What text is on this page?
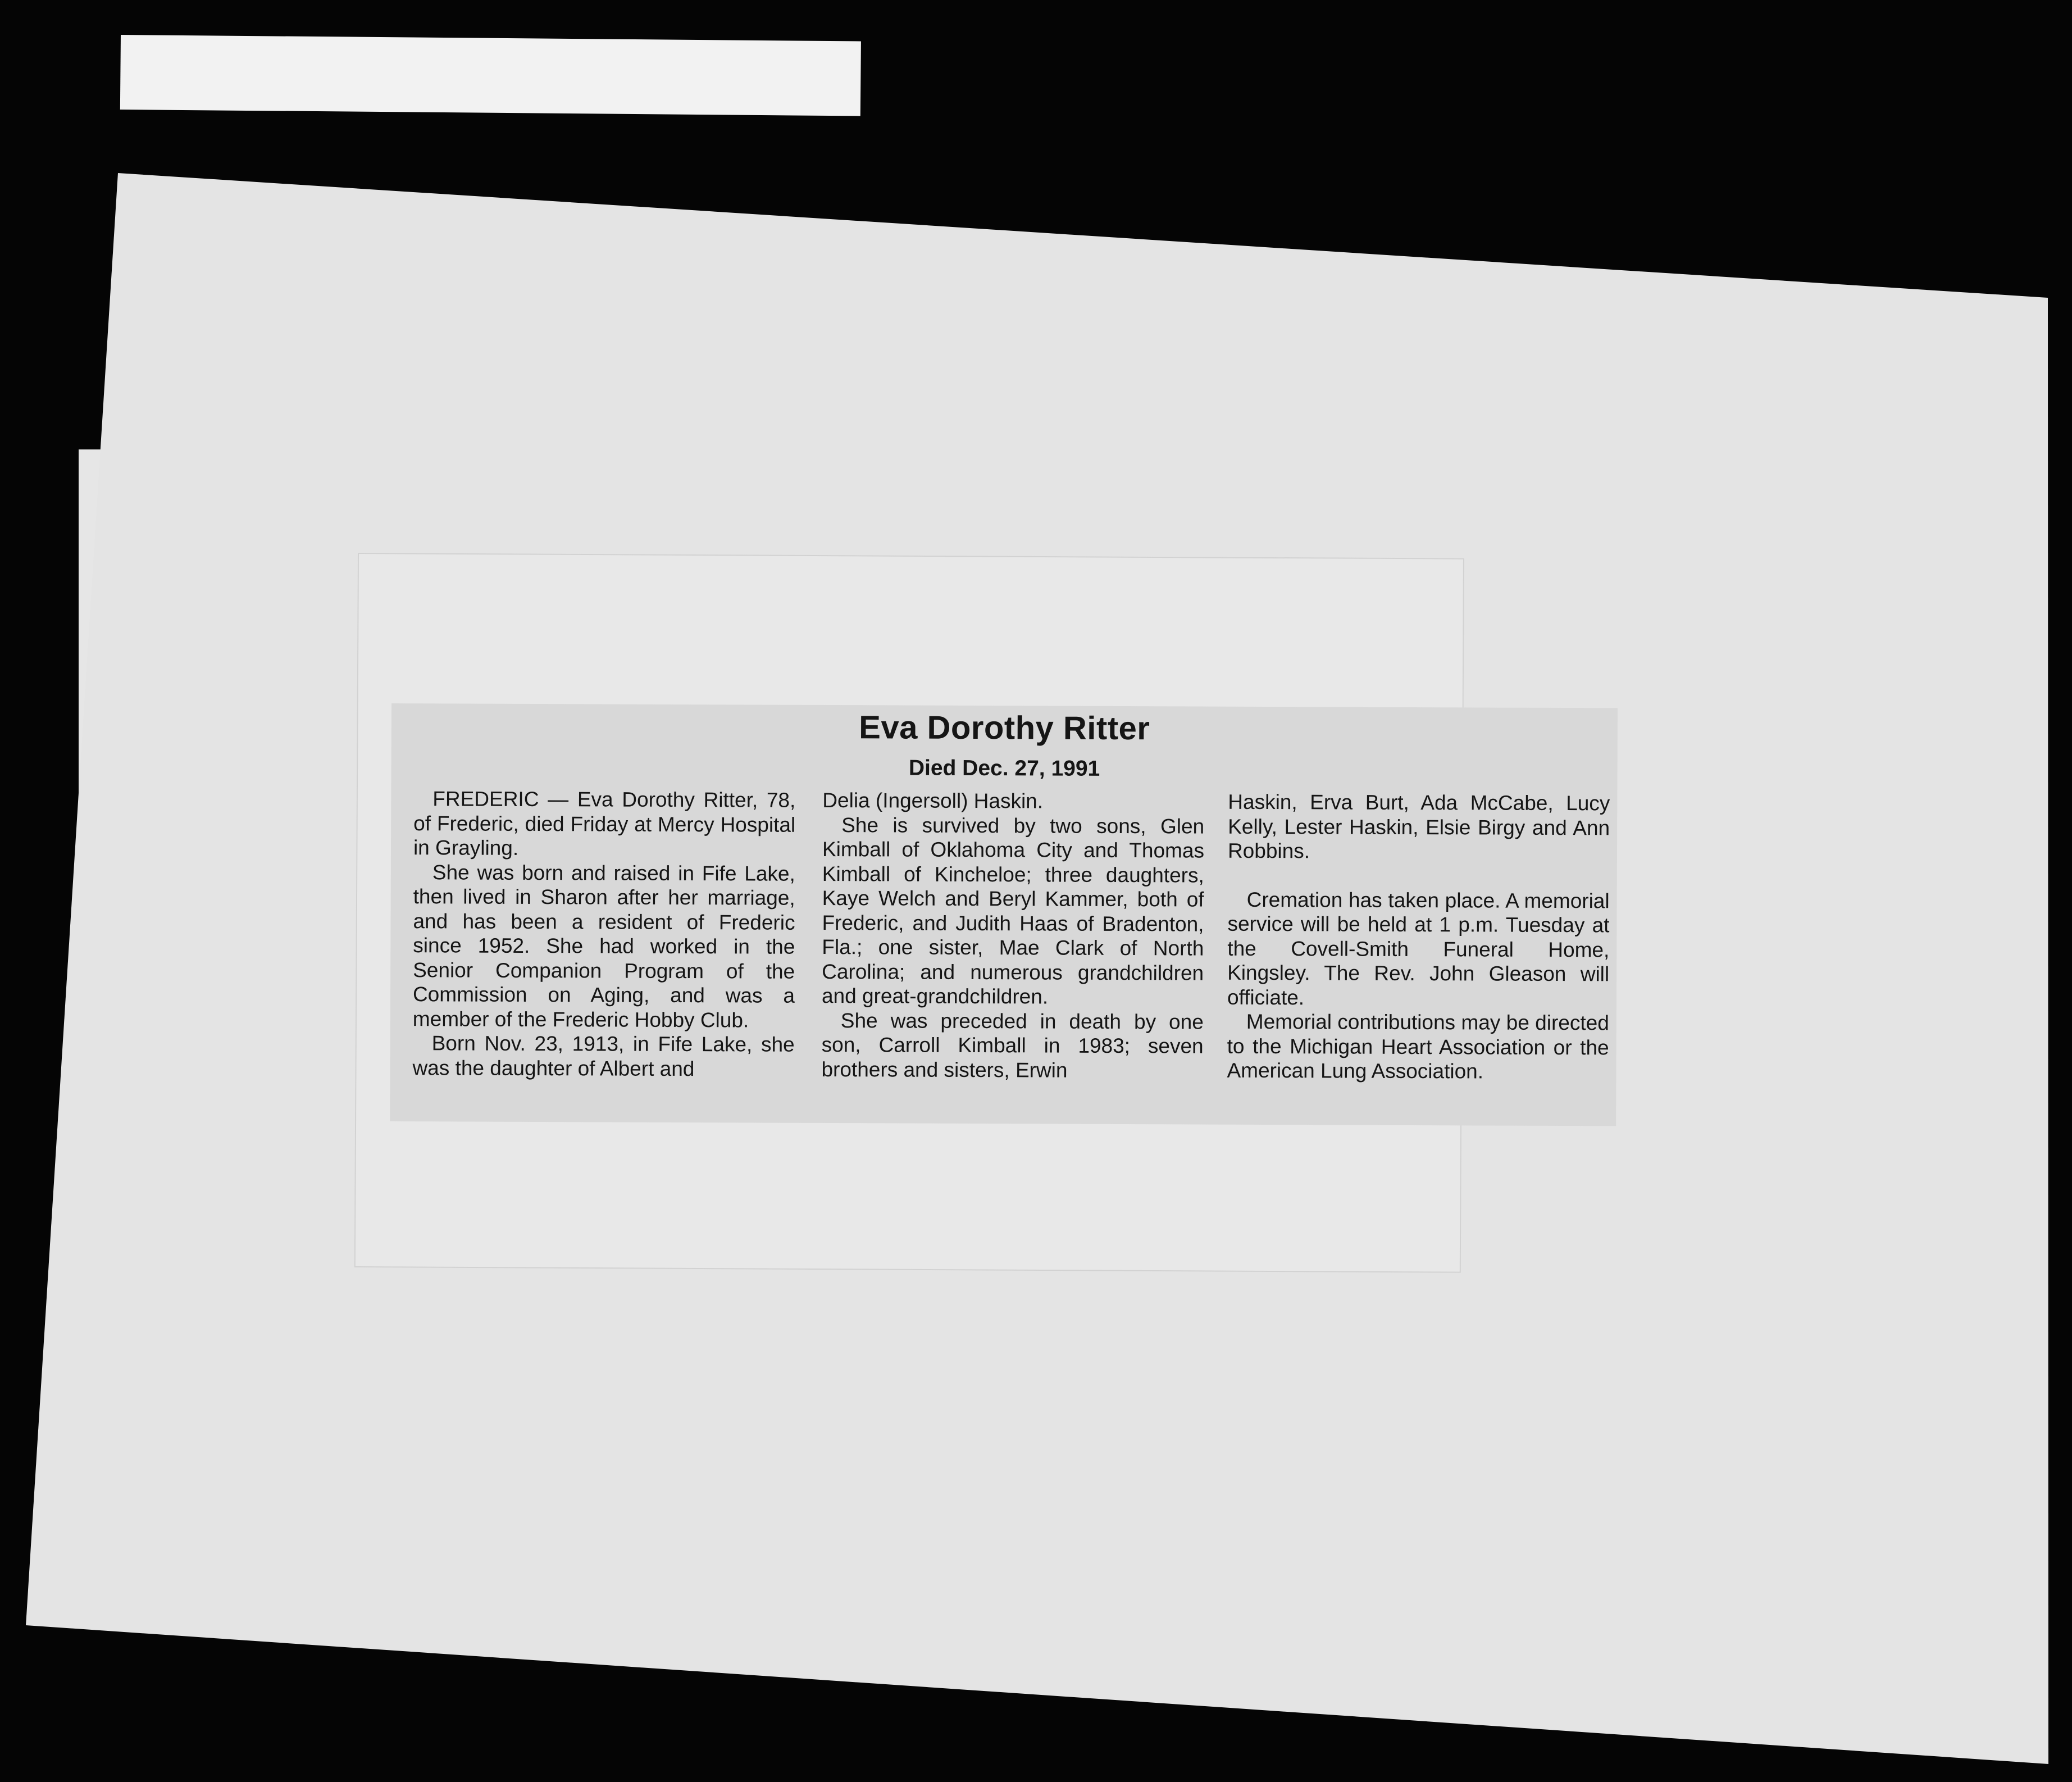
Eva Dorothy Ritter
Died Dec. 27, 1991

FREDERIC — Eva Dorothy Ritter, 78, of Frederic, died Friday at Mercy Hospital in Grayling.

She was born and raised in Fife Lake, then lived in Sharon after her marriage, and has been a resident of Frederic since 1952. She had worked in the Senior Companion Program of the Commission on Aging, and was a member of the Frederic Hobby Club.

Born Nov. 23, 1913, in Fife Lake, she was the daughter of Albert and

Delia (Ingersoll) Haskin.

She is survived by two sons, Glen Kimball of Oklahoma City and Thomas Kimball of Kincheloe; three daughters, Kaye Welch and Beryl Kammer, both of Frederic, and Judith Haas of Bradenton, Fla.; one sister, Mae Clark of North Carolina; and numerous grandchildren and great-grandchildren.

She was preceded in death by one son, Carroll Kimball in 1983; seven brothers and sisters, Erwin

Haskin, Erva Burt, Ada McCabe, Lucy Kelly, Lester Haskin, Elsie Birgy and Ann Robbins.

Cremation has taken place. A memorial service will be held at 1 p.m. Tuesday at the Covell-Smith Funeral Home, Kingsley. The Rev. John Gleason will officiate.

Memorial contributions may be directed to the Michigan Heart Association or the American Lung Association.
